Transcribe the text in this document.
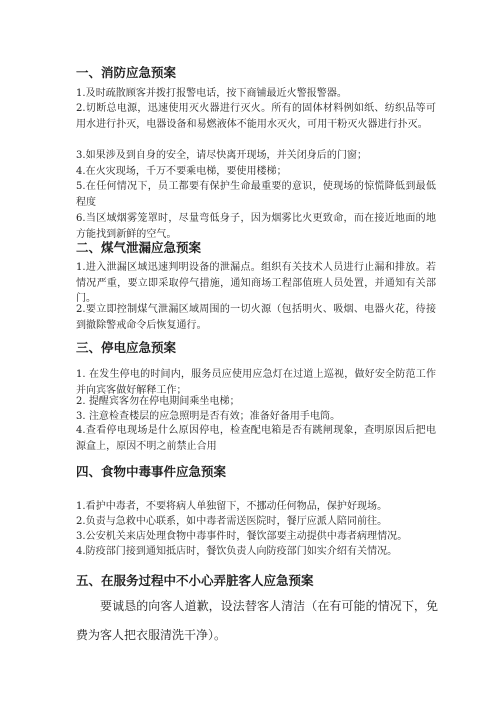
一、消防应急预案

1.及时疏散顾客并拨打报警电话，按下商铺最近火警报警器。

2.切断总电源，迅速使用灭火器进行灭火。所有的固体材料例如纸、纺织品等可用水进行扑灭，电器设备和易燃液体不能用水灭火，可用干粉灭火器进行扑灭。

3.如果涉及到自身的安全，请尽快离开现场，并关闭身后的门窗；

4.在火灾现场，千万不要乘电梯，要使用楼梯；

5.在任何情况下，员工都要有保护生命最重要的意识，使现场的惊慌降低到最低程度

6.当区域烟雾笼罩时，尽量弯低身子，因为烟雾比火更致命，而在接近地面的地方能找到新鲜的空气。

二、煤气泄漏应急预案

1.进入泄漏区域迅速判明设备的泄漏点。组织有关技术人员进行止漏和排放。若情况严重，要立即采取停气措施，通知商场工程部值班人员处置，并通知有关部门。

2.要立即控制煤气泄漏区域周围的一切火源（包括明火、吸烟、电器火花，待接到撤除警戒命令后恢复通行。

三、停电应急预案

1. 在发生停电的时间内，服务员应使用应急灯在过道上巡视，做好安全防范工作并向宾客做好解释工作；

2. 提醒宾客勿在停电期间乘坐电梯；

3. 注意检查楼层的应急照明是否有效；准备好备用手电筒。

4.查看停电现场是什么原因停电，检查配电箱是否有跳闸现象，查明原因后把电源盒上，原因不明之前禁止合用

四、食物中毒事件应急预案

1.看护中毒者，不要将病人单独留下，不挪动任何物品，保护好现场。

2.负责与急救中心联系，如中毒者需送医院时，餐厅应派人陪同前往。

3.公安机关来店处理食物中毒事件时，餐饮部要主动提供中毒者病理情况。

4.防疫部门接到通知抵店时，餐饮负责人向防疫部门如实介绍有关情况。

五、在服务过程中不小心弄脏客人应急预案

要诚恳的向客人道歉，设法替客人清洁（在有可能的情况下，免费为客人把衣服清洗干净）。
